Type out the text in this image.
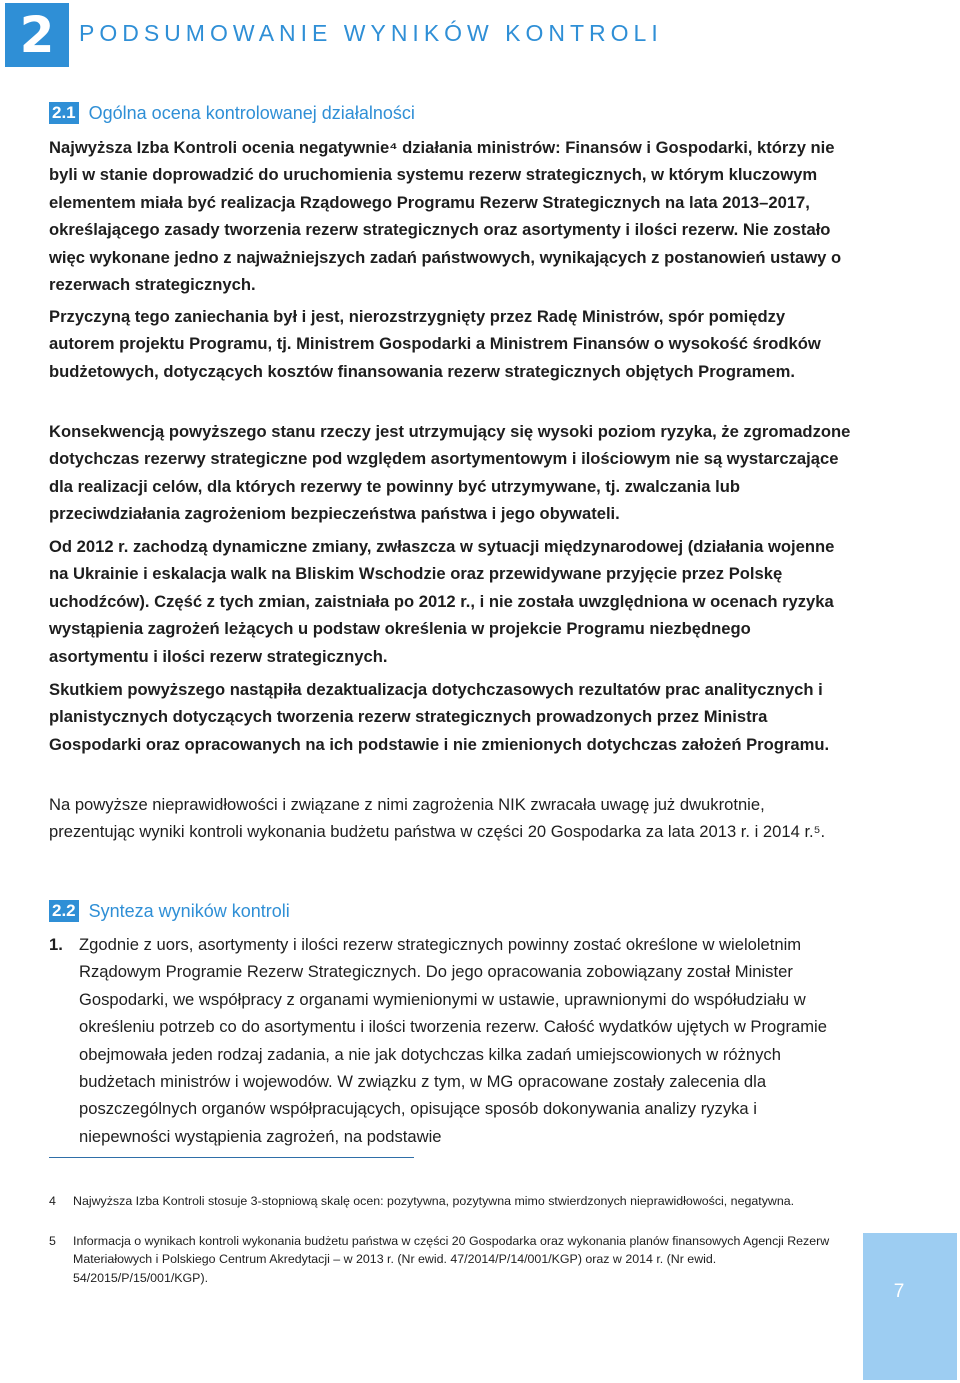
2	PODSUMOWANIE WYNIKÓW KONTROLI
2.1 Ogólna ocena kontrolowanej działalności

Najwyższa Izba Kontroli ocenia negatywnie⁴ działania ministrów: Finansów i Gospodarki, którzy nie byli w stanie doprowadzić do uruchomienia systemu rezerw strategicznych, w którym kluczowym elementem miała być realizacja Rządowego Programu Rezerw Strategicznych na lata 2013–2017, określającego zasady tworzenia rezerw strategicznych oraz asortymenty i ilości rezerw. Nie zostało więc wykonane jedno z najważniejszych zadań państwowych, wynikających z postanowień ustawy o rezerwach strategicznych.

Przyczyną tego zaniechania był i jest, nierozstrzygnięty przez Radę Ministrów, spór pomiędzy autorem projektu Programu, tj. Ministrem Gospodarki a Ministrem Finansów o wysokość środków budżetowych, dotyczących kosztów finansowania rezerw strategicznych objętych Programem.

Konsekwencją powyższego stanu rzeczy jest utrzymujący się wysoki poziom ryzyka, że zgromadzone dotychczas rezerwy strategiczne pod względem asortymentowym i ilościowym nie są wystarczające dla realizacji celów, dla których rezerwy te powinny być utrzymywane, tj. zwalczania lub przeciwdziałania zagrożeniom bezpieczeństwa państwa i jego obywateli.

Od 2012 r. zachodzą dynamiczne zmiany, zwłaszcza w sytuacji międzynarodowej (działania wojenne na Ukrainie i eskalacja walk na Bliskim Wschodzie oraz przewidywane przyjęcie przez Polskę uchodźców). Część z tych zmian, zaistniała po 2012 r., i nie została uwzględniona w ocenach ryzyka wystąpienia zagrożeń leżących u podstaw określenia w projekcie Programu niezbędnego asortymentu i ilości rezerw strategicznych.

Skutkiem powyższego nastąpiła dezaktualizacja dotychczasowych rezultatów prac analitycznych i planistycznych dotyczących tworzenia rezerw strategicznych prowadzonych przez Ministra Gospodarki oraz opracowanych na ich podstawie i nie zmienionych dotychczas założeń Programu.

Na powyższe nieprawidłowości i związane z nimi zagrożenia NIK zwracała uwagę już dwukrotnie, prezentując wyniki kontroli wykonania budżetu państwa w części 20 Gospodarka za lata 2013 r. i 2014 r.⁵.

2.2 Synteza wyników kontroli
1. Zgodnie z uors, asortymenty i ilości rezerw strategicznych powinny zostać określone w wieloletnim Rządowym Programie Rezerw Strategicznych. Do jego opracowania zobowiązany został Minister Gospodarki, we współpracy z organami wymienionymi w ustawie, uprawnionymi do współudziału w określeniu potrzeb co do asortymentu i ilości tworzenia rezerw. Całość wydatków ujętych w Programie obejmowała jeden rodzaj zadania, a nie jak dotychczas kilka zadań umiejscowionych w różnych budżetach ministrów i wojewodów. W związku z tym, w MG opracowane zostały zalecenia dla poszczególnych organów współpracujących, opisujące sposób dokonywania analizy ryzyka i niepewności wystąpienia zagrożeń, na podstawie

4 Najwyższa Izba Kontroli stosuje 3-stopniową skalę ocen: pozytywna, pozytywna mimo stwierdzonych nieprawidłowości, negatywna.

5 Informacja o wynikach kontroli wykonania budżetu państwa w części 20 Gospodarka oraz wykonania planów finansowych Agencji Rezerw Materiałowych i Polskiego Centrum Akredytacji – w 2013 r. (Nr ewid. 47/2014/P/14/001/KGP) oraz w 2014 r. (Nr ewid. 54/2015/P/15/001/KGP).

7
